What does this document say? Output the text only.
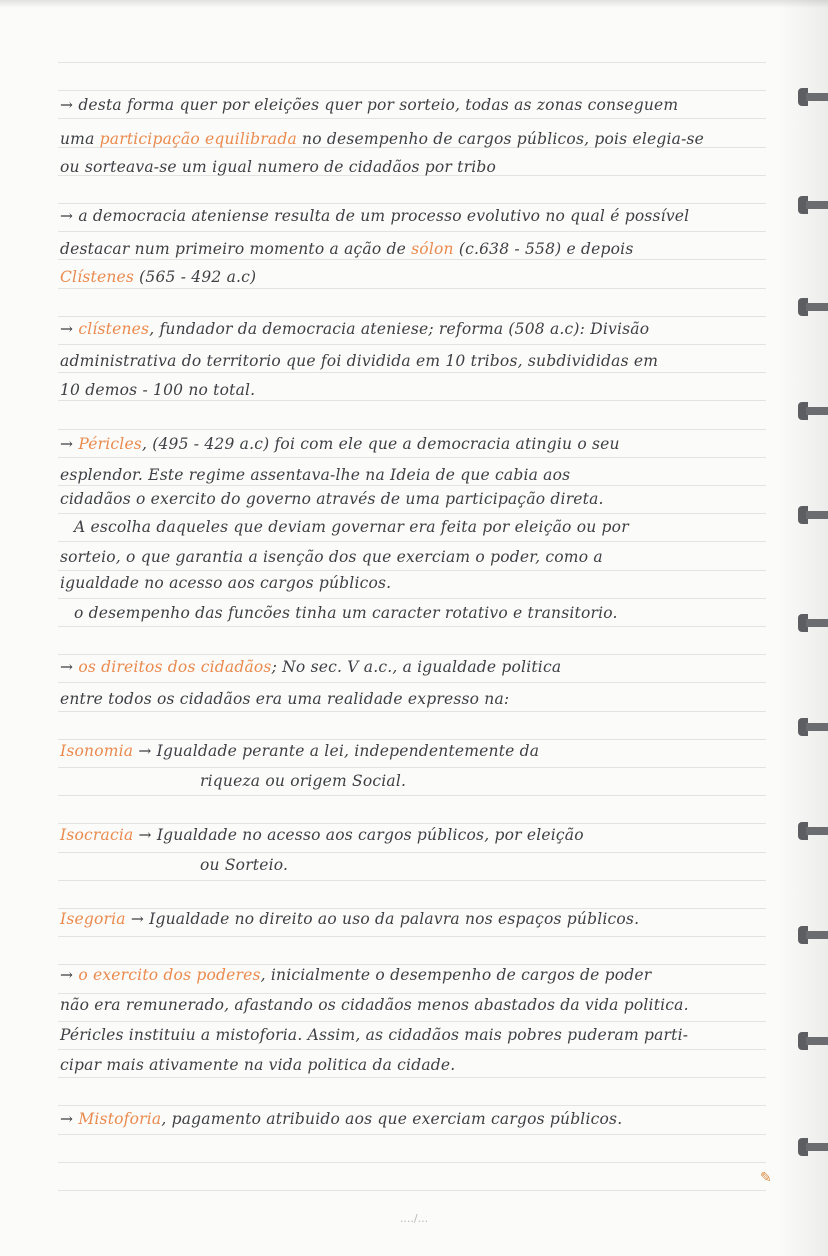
→ desta forma quer por eleições quer por sorteio, todas as zonas conseguem
uma participação equilibrada no desempenho de cargos públicos, pois elegia-se
ou sorteava-se um igual numero de cidadãos por tribo
→ a democracia ateniense resulta de um processo evolutivo no qual é possível
destacar num primeiro momento a ação de sólon (c.638 - 558) e depois
Clístenes (565 - 492 a.c)
→ clístenes, fundador da democracia ateniese; reforma (508 a.c): Divisão
administrativa do territorio que foi dividida em 10 tribos, subdivididas em
10 demos - 100 no total.
→ Péricles, (495 - 429 a.c) foi com ele que a democracia atingiu o seu
esplendor. Este regime assentava-lhe na Ideia de que cabia aos
cidadãos o exercito do governo através de uma participação direta.
A escolha daqueles que deviam governar era feita por eleição ou por
sorteio, o que garantia a isenção dos que exerciam o poder, como a
igualdade no acesso aos cargos públicos.
o desempenho das funcões tinha um caracter rotativo e transitorio.
→ os direitos dos cidadãos; No sec. V a.c., a igualdade politica
entre todos os cidadãos era uma realidade expresso na:
Isonomia → Igualdade perante a lei, independentemente da
riqueza ou origem Social.
Isocracia → Igualdade no acesso aos cargos públicos, por eleição
ou Sorteio.
Isegoria → Igualdade no direito ao uso da palavra nos espaços públicos.
→ o exercito dos poderes, inicialmente o desempenho de cargos de poder
não era remunerado, afastando os cidadãos menos abastados da vida politica.
Péricles instituiu a mistoforia. Assim, as cidadãos mais pobres puderam parti-
cipar mais ativamente na vida politica da cidade.
→ Mistoforia, pagamento atribuido aos que exerciam cargos públicos.
✎
..../...
